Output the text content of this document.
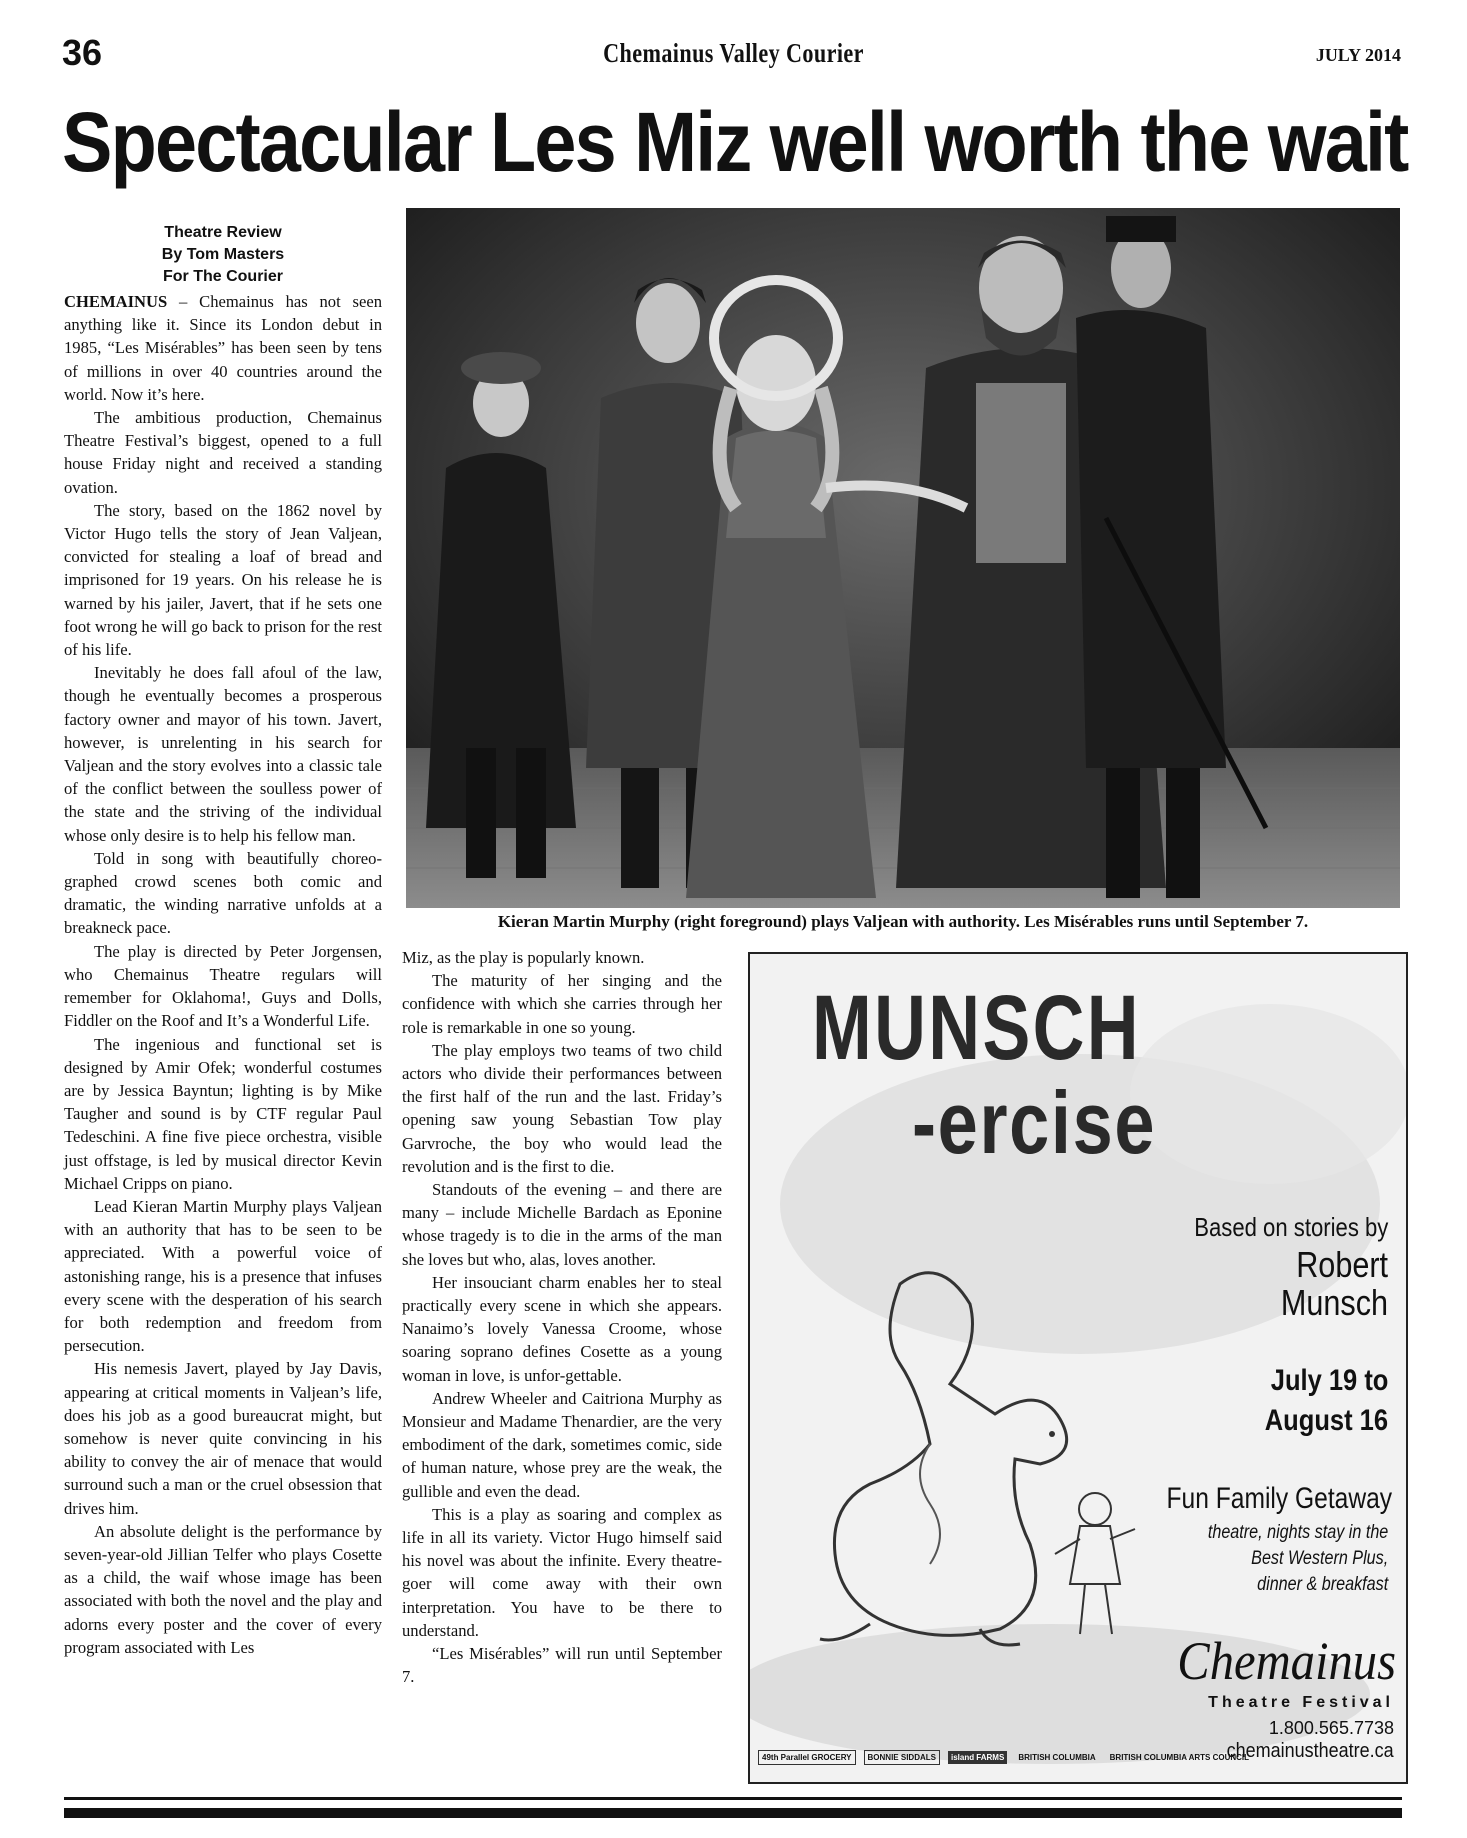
36	Chemainus Valley Courier	JULY 2014
Spectacular Les Miz well worth the wait
Theatre Review
By Tom Masters
For The Courier

CHEMAINUS – Chemainus has not seen anything like it. Since its London debut in 1985, “Les Misérables” has been seen by tens of millions in over 40 countries around the world. Now it’s here.

The ambitious production, Chemainus Theatre Festival’s biggest, opened to a full house Friday night and received a standing ovation.

The story, based on the 1862 novel by Victor Hugo tells the story of Jean Valjean, convicted for stealing a loaf of bread and imprisoned for 19 years. On his release he is warned by his jailer, Javert, that if he sets one foot wrong he will go back to prison for the rest of his life.

Inevitably he does fall afoul of the law, though he eventually becomes a prosperous factory owner and mayor of his town. Javert, however, is unrelenting in his search for Valjean and the story evolves into a classic tale of the conflict between the soulless power of the state and the striving of the individual whose only desire is to help his fellow man.

Told in song with beautifully choreo-graphed crowd scenes both comic and dramatic, the winding narrative unfolds at a breakneck pace.

The play is directed by Peter Jorgensen, who Chemainus Theatre regulars will remember for Oklahoma!, Guys and Dolls, Fiddler on the Roof and It’s a Wonderful Life.

The ingenious and functional set is designed by Amir Ofek; wonderful costumes are by Jessica Bayntun; lighting is by Mike Taugher and sound is by CTF regular Paul Tedeschini. A fine five piece orchestra, visible just offstage, is led by musical director Kevin Michael Cripps on piano.

Lead Kieran Martin Murphy plays Valjean with an authority that has to be seen to be appreciated. With a powerful voice of astonishing range, his is a presence that infuses every scene with the desperation of his search for both redemption and freedom from persecution.

His nemesis Javert, played by Jay Davis, appearing at critical moments in Valjean’s life, does his job as a good bureaucrat might, but somehow is never quite convincing in his ability to convey the air of menace that would surround such a man or the cruel obsession that drives him.

An absolute delight is the performance by seven-year-old Jillian Telfer who plays Cosette as a child, the waif whose image has been associated with both the novel and the play and adorns every poster and the cover of every program associated with Les

Kieran Martin Murphy (right foreground) plays Valjean with authority. Les Misérables runs until September 7.

Miz, as the play is popularly known.

The maturity of her singing and the confidence with which she carries through her role is remarkable in one so young.

The play employs two teams of two child actors who divide their performances between the first half of the run and the last. Friday’s opening saw young Sebastian Tow play Garvroche, the boy who would lead the revolution and is the first to die.

Standouts of the evening – and there are many – include Michelle Bardach as Eponine whose tragedy is to die in the arms of the man she loves but who, alas, loves another.

Her insouciant charm enables her to steal practically every scene in which she appears. Nanaimo’s lovely Vanessa Croome, whose soaring soprano defines Cosette as a young woman in love, is unfor-gettable.

Andrew Wheeler and Caitriona Murphy as Monsieur and Madame Thenardier, are the very embodiment of the dark, sometimes comic, side of human nature, whose prey are the weak, the gullible and even the dead.

This is a play as soaring and complex as life in all its variety. Victor Hugo himself said his novel was about the infinite. Every theatre-goer will come away with their own interpretation. You have to be there to understand.

“Les Misérables” will run until September 7.

MUNSCH
-ercise
Based on stories by
Robert
Munsch
July 19 to
August 16
Fun Family Getaway
theatre, nights stay in the
Best Western Plus,
dinner & breakfast
Chemainus
Theatre Festival
1.800.565.7738
chemainustheatre.ca
49th Parallel GROCERY	BONNIE SIDDALS	island FARMS	BRITISH COLUMBIA	BRITISH COLUMBIA ARTS COUNCIL
